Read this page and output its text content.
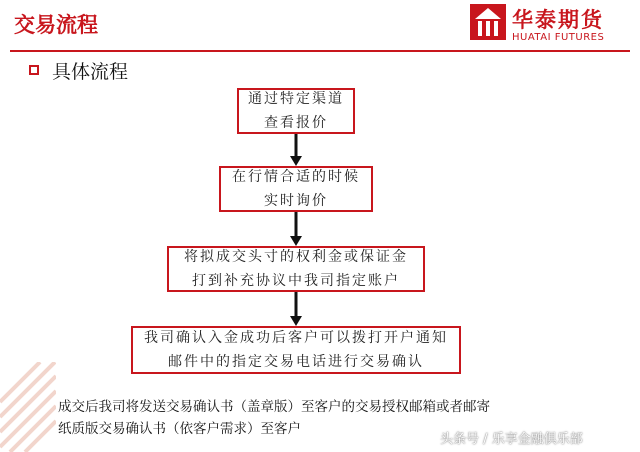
交易流程	华泰期货
HUATAI FUTURES
具体流程
通过特定渠道
查看报价
在行情合适的时候
实时询价
将拟成交头寸的权利金或保证金
打到补充协议中我司指定账户
我司确认入金成功后客户可以拨打开户通知
邮件中的指定交易电话进行交易确认
成交后我司将发送交易确认书（盖章版）至客户的交易授权邮箱或者邮寄
纸质版交易确认书（依客户需求）至客户
头条号 / 乐享金融俱乐部
